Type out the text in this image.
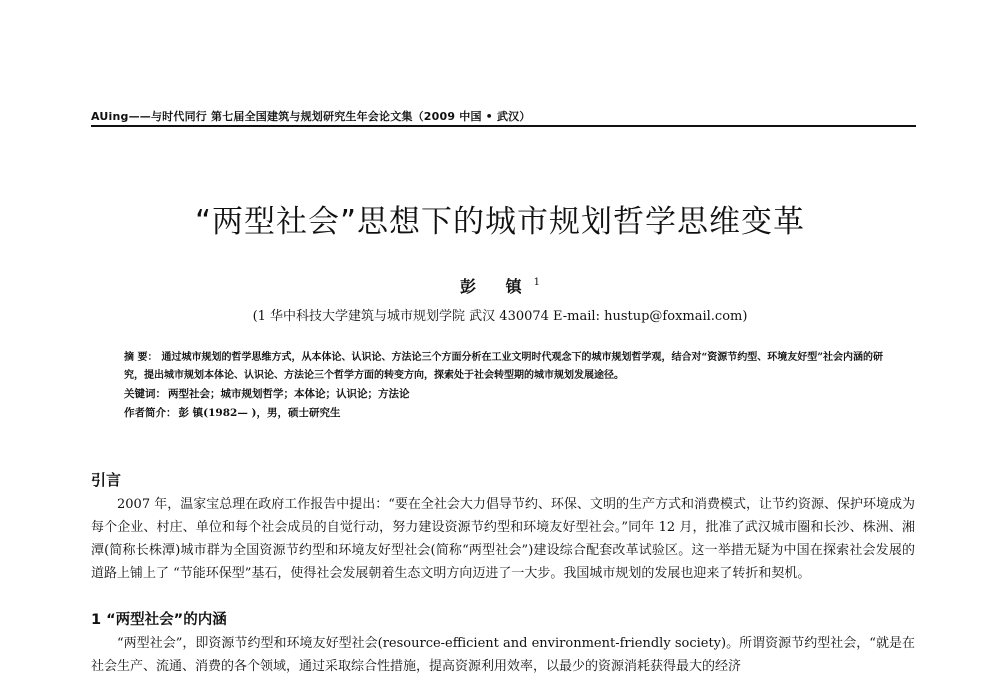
AUing——与时代同行 第七届全国建筑与规划研究生年会论文集（2009 中国 • 武汉）
“两型社会”思想下的城市规划哲学思维变革
彭 镇$^1$
(1 华中科技大学建筑与城市规划学院 武汉 430074 E-mail: hustup@foxmail.com)
摘 要： 通过城市规划的哲学思维方式，从本体论、认识论、方法论三个方面分析在工业文明时代观念下的城市规划哲学观，结合对“资源节约型、环境友好型”社会内涵的研究，提出城市规划本体论、认识论、方法论三个哲学方面的转变方向，探索处于社会转型期的城市规划发展途径。
关键词： 两型社会；城市规划哲学；本体论；认识论；方法论
作者简介： 彭 镇(1982— )，男，硕士研究生
引言

2007 年，温家宝总理在政府工作报告中提出：“要在全社会大力倡导节约、环保、文明的生产方式和消费模式，让节约资源、保护环境成为每个企业、村庄、单位和每个社会成员的自觉行动，努力建设资源节约型和环境友好型社会。”同年 12 月，批准了武汉城市圈和长沙、株洲、湘潭(简称长株潭)城市群为全国资源节约型和环境友好型社会(简称“两型社会”)建设综合配套改革试验区。这一举措无疑为中国在探索社会发展的道路上铺上了 “节能环保型”基石，使得社会发展朝着生态文明方向迈进了一大步。我国城市规划的发展也迎来了转折和契机。

1 “两型社会”的内涵

“两型社会”，即资源节约型和环境友好型社会(resource-efficient and environment-friendly society)。所谓资源节约型社会，“就是在社会生产、流通、消费的各个领域，通过采取综合性措施，提高资源利用效率，以最少的资源消耗获得最大的经济
